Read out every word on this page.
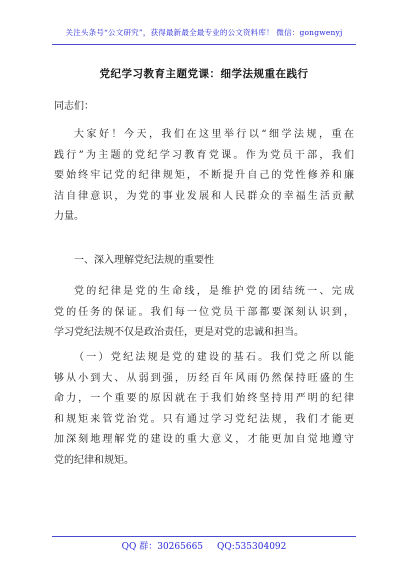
关注头条号“公文研究”，获得最新最全最专业的公文资料库！ 微信：gongwenyj
党纪学习教育主题党课：细学法规重在践行
同志们：
大家好！今天，我们在这里举行以“细学法规，重在
践行”为主题的党纪学习教育党课。作为党员干部，我们
要始终牢记党的纪律规矩，不断提升自己的党性修养和廉
洁自律意识，为党的事业发展和人民群众的幸福生活贡献
力量。
一、深入理解党纪法规的重要性
党的纪律是党的生命线，是维护党的团结统一、完成
党的任务的保证。我们每一位党员干部都要深刻认识到，
学习党纪法规不仅是政治责任，更是对党的忠诚和担当。
（一）党纪法规是党的建设的基石。我们党之所以能
够从小到大、从弱到强，历经百年风雨仍然保持旺盛的生
命力，一个重要的原因就在于我们始终坚持用严明的纪律
和规矩来管党治党。只有通过学习党纪法规，我们才能更
加深刻地理解党的建设的重大意义，才能更加自觉地遵守
党的纪律和规矩。
QQ 群：30265665 QQ:535304092
